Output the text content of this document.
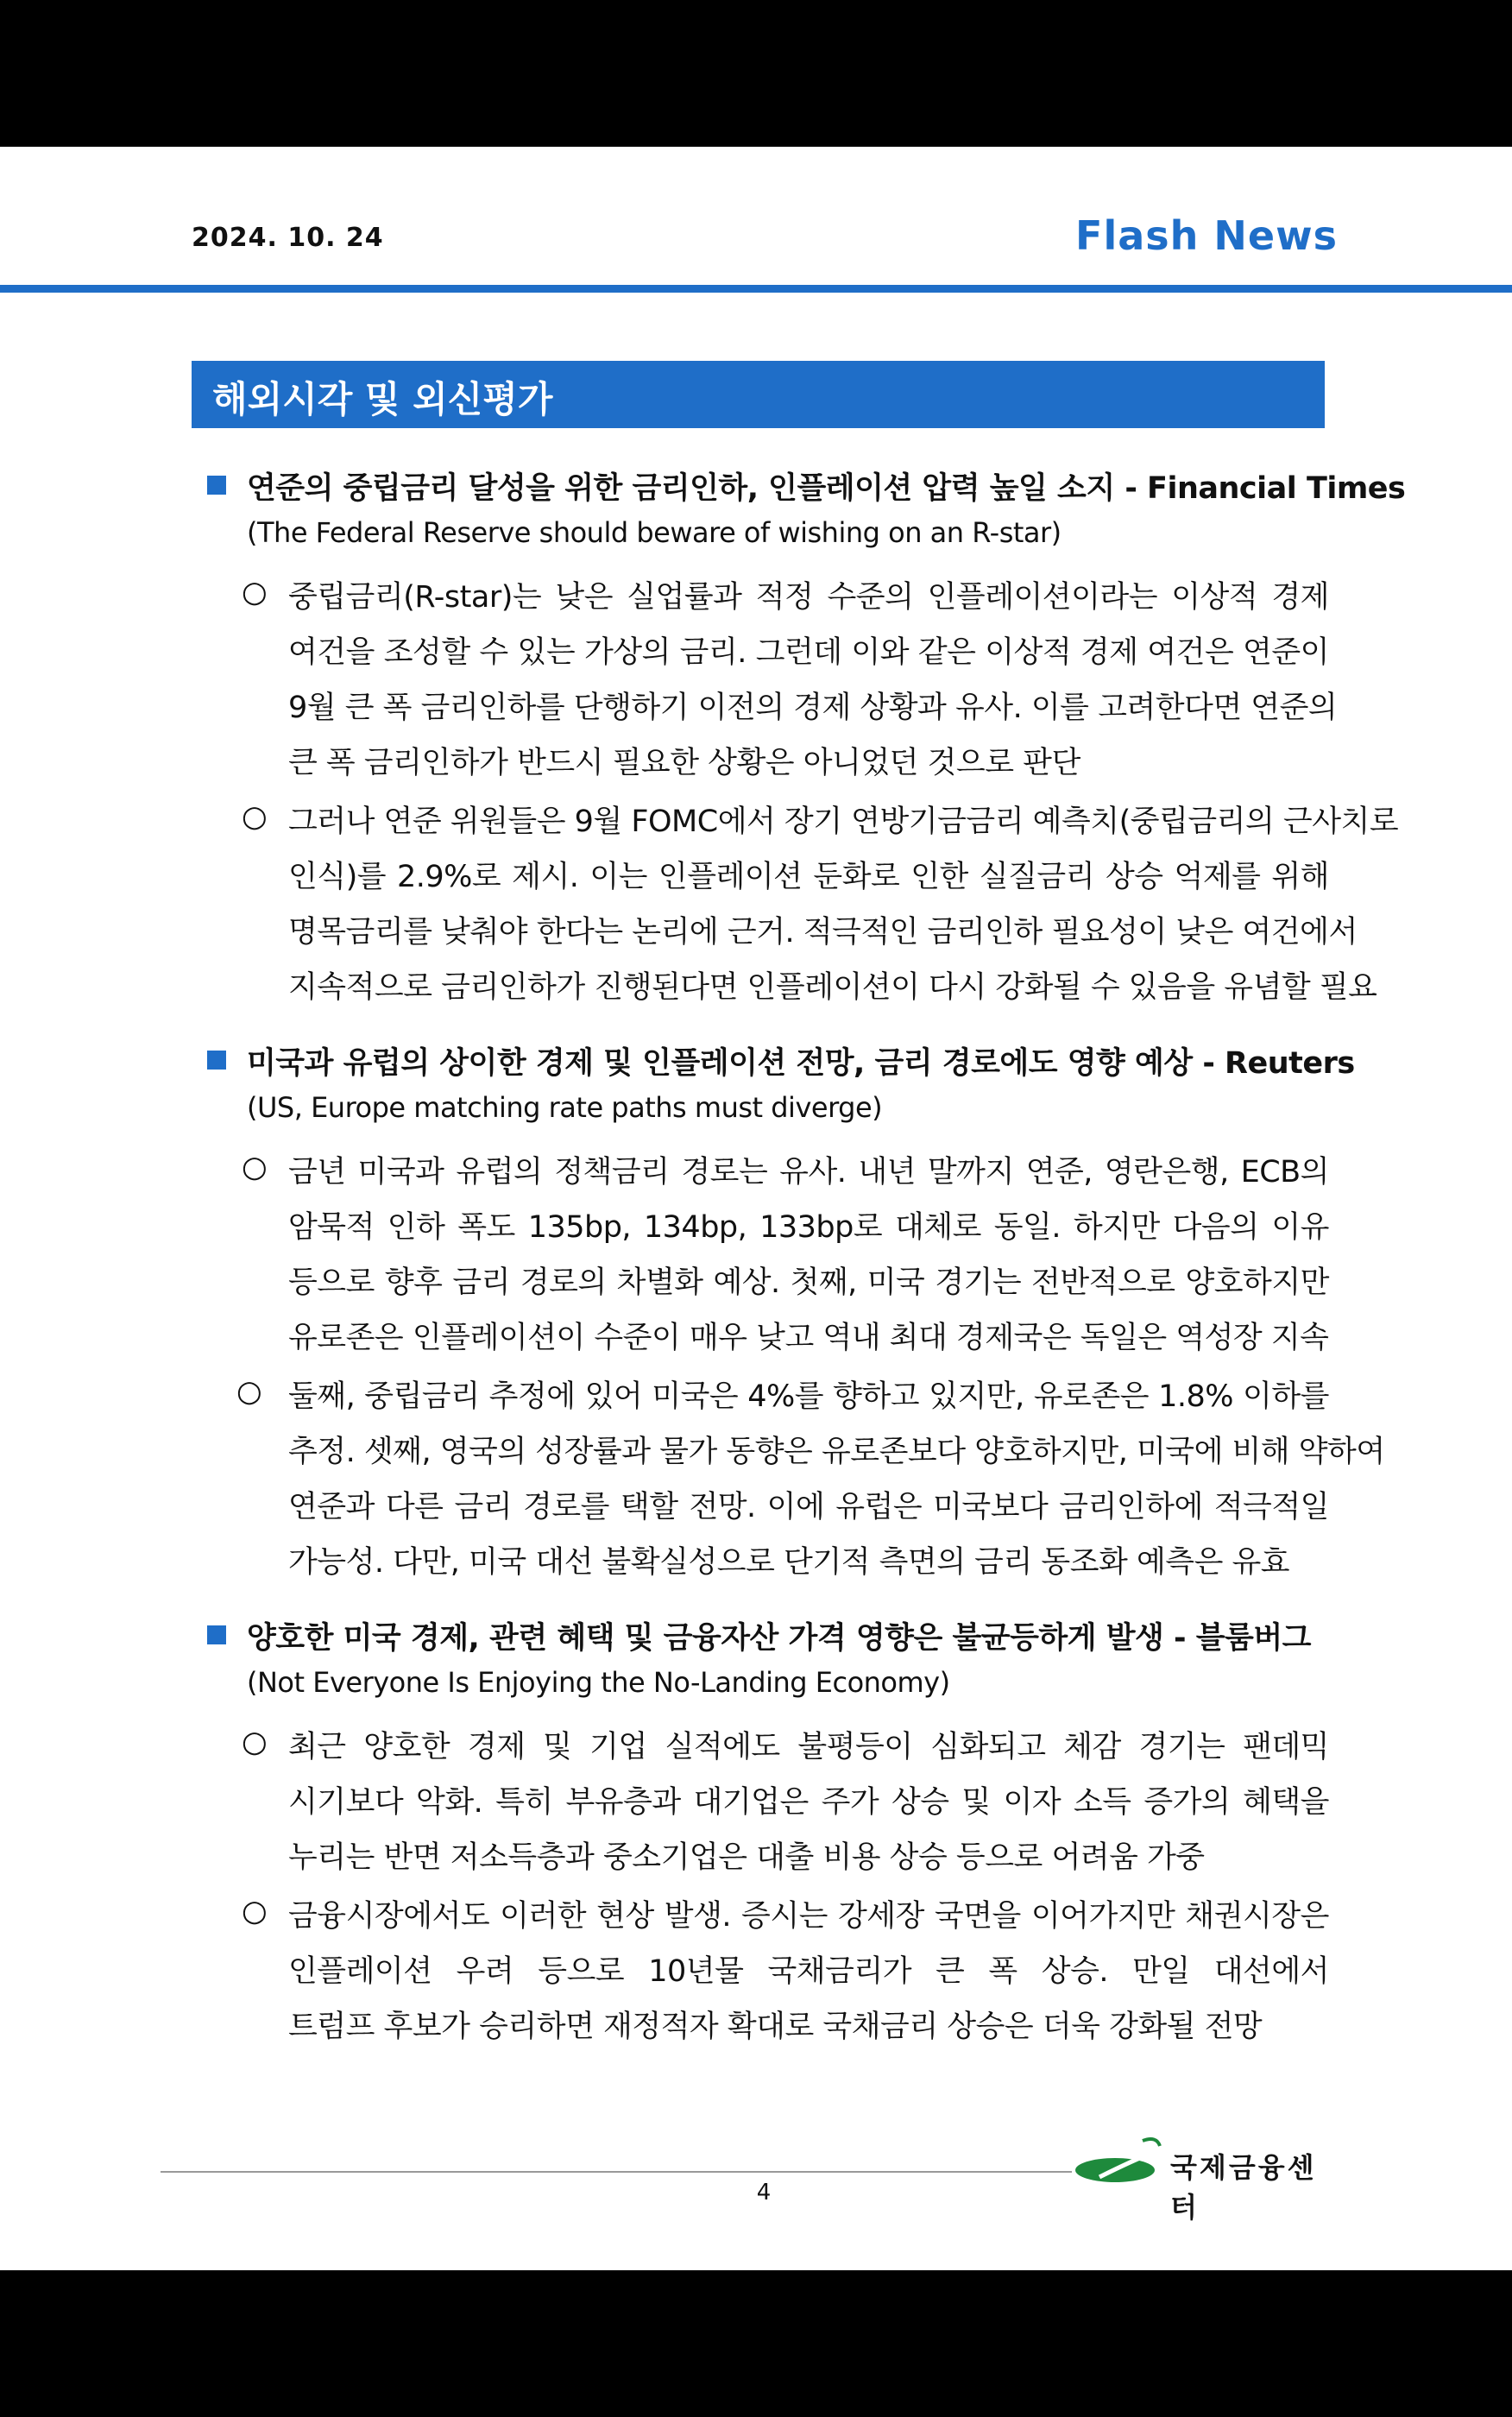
2024. 10. 24	Flash News
해외시각 및 외신평가
연준의 중립금리 달성을 위한 금리인하, 인플레이션 압력 높일 소지 - Financial Times
(The Federal Reserve should beware of wishing on an R-star)
○ 중립금리(R-star)는 낮은 실업률과 적정 수준의 인플레이션이라는 이상적 경제
여건을 조성할 수 있는 가상의 금리. 그런데 이와 같은 이상적 경제 여건은 연준이
9월 큰 폭 금리인하를 단행하기 이전의 경제 상황과 유사. 이를 고려한다면 연준의
큰 폭 금리인하가 반드시 필요한 상황은 아니었던 것으로 판단
○ 그러나 연준 위원들은 9월 FOMC에서 장기 연방기금금리 예측치(중립금리의 근사치로
인식)를 2.9%로 제시. 이는 인플레이션 둔화로 인한 실질금리 상승 억제를 위해
명목금리를 낮춰야 한다는 논리에 근거. 적극적인 금리인하 필요성이 낮은 여건에서
지속적으로 금리인하가 진행된다면 인플레이션이 다시 강화될 수 있음을 유념할 필요
미국과 유럽의 상이한 경제 및 인플레이션 전망, 금리 경로에도 영향 예상 - Reuters
(US, Europe matching rate paths must diverge)
○ 금년 미국과 유럽의 정책금리 경로는 유사. 내년 말까지 연준, 영란은행, ECB의
암묵적 인하 폭도 135bp, 134bp, 133bp로 대체로 동일. 하지만 다음의 이유
등으로 향후 금리 경로의 차별화 예상. 첫째, 미국 경기는 전반적으로 양호하지만
유로존은 인플레이션이 수준이 매우 낮고 역내 최대 경제국은 독일은 역성장 지속
○ 둘째, 중립금리 추정에 있어 미국은 4%를 향하고 있지만, 유로존은 1.8% 이하를
추정. 셋째, 영국의 성장률과 물가 동향은 유로존보다 양호하지만, 미국에 비해 약하여
연준과 다른 금리 경로를 택할 전망. 이에 유럽은 미국보다 금리인하에 적극적일
가능성. 다만, 미국 대선 불확실성으로 단기적 측면의 금리 동조화 예측은 유효
양호한 미국 경제, 관련 혜택 및 금융자산 가격 영향은 불균등하게 발생 - 블룸버그
(Not Everyone Is Enjoying the No-Landing Economy)
○ 최근 양호한 경제 및 기업 실적에도 불평등이 심화되고 체감 경기는 팬데믹
시기보다 악화. 특히 부유층과 대기업은 주가 상승 및 이자 소득 증가의 혜택을
누리는 반면 저소득층과 중소기업은 대출 비용 상승 등으로 어려움 가중
○ 금융시장에서도 이러한 현상 발생. 증시는 강세장 국면을 이어가지만 채권시장은
인플레이션 우려 등으로 10년물 국채금리가 큰 폭 상승. 만일 대선에서
트럼프 후보가 승리하면 재정적자 확대로 국채금리 상승은 더욱 강화될 전망
4
국제금융센터
